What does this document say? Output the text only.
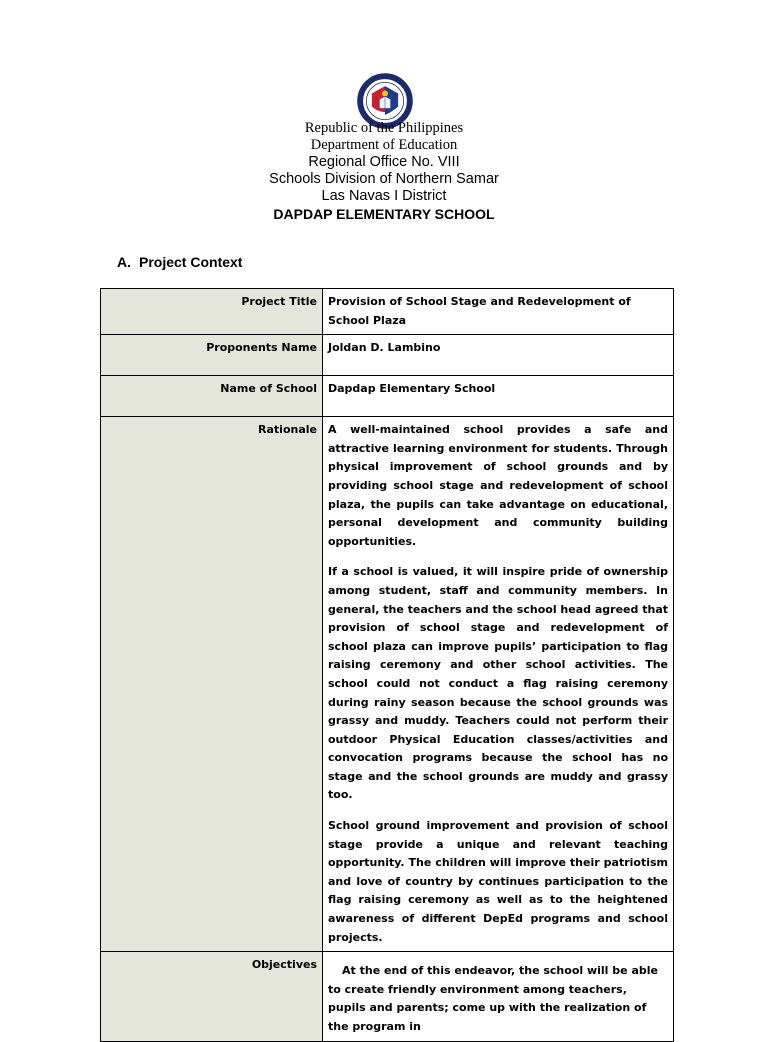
Republic of the Philippines
Department of Education
Regional Office No. VIII
Schools Division of Northern Samar
Las Navas I District
DAPDAP ELEMENTARY SCHOOL
A. Project Context
Project Title	Provision of School Stage and Redevelopment of School Plaza
Proponents Name	Joldan D. Lambino
Name of School	Dapdap Elementary School
Rationale	A well-maintained school provides a safe and attractive learning environment for students. Through physical improvement of school grounds and by providing school stage and redevelopment of school plaza, the pupils can take advantage on educational, personal development and community building opportunities.

If a school is valued, it will inspire pride of ownership among student, staff and community members. In general, the teachers and the school head agreed that provision of school stage and redevelopment of school plaza can improve pupils’ participation to flag raising ceremony and other school activities. The school could not conduct a flag raising ceremony during rainy season because the school grounds was grassy and muddy. Teachers could not perform their outdoor Physical Education classes/activities and convocation programs because the school has no stage and the school grounds are muddy and grassy too.

School ground improvement and provision of school stage provide a unique and relevant teaching opportunity. The children will improve their patriotism and love of country by continues participation to the flag raising ceremony as well as to the heightened awareness of different DepEd programs and school projects.

Objectives	At the end of this endeavor, the school will be able to create friendly environment among teachers, pupils and parents; come up with the realization of the program in
